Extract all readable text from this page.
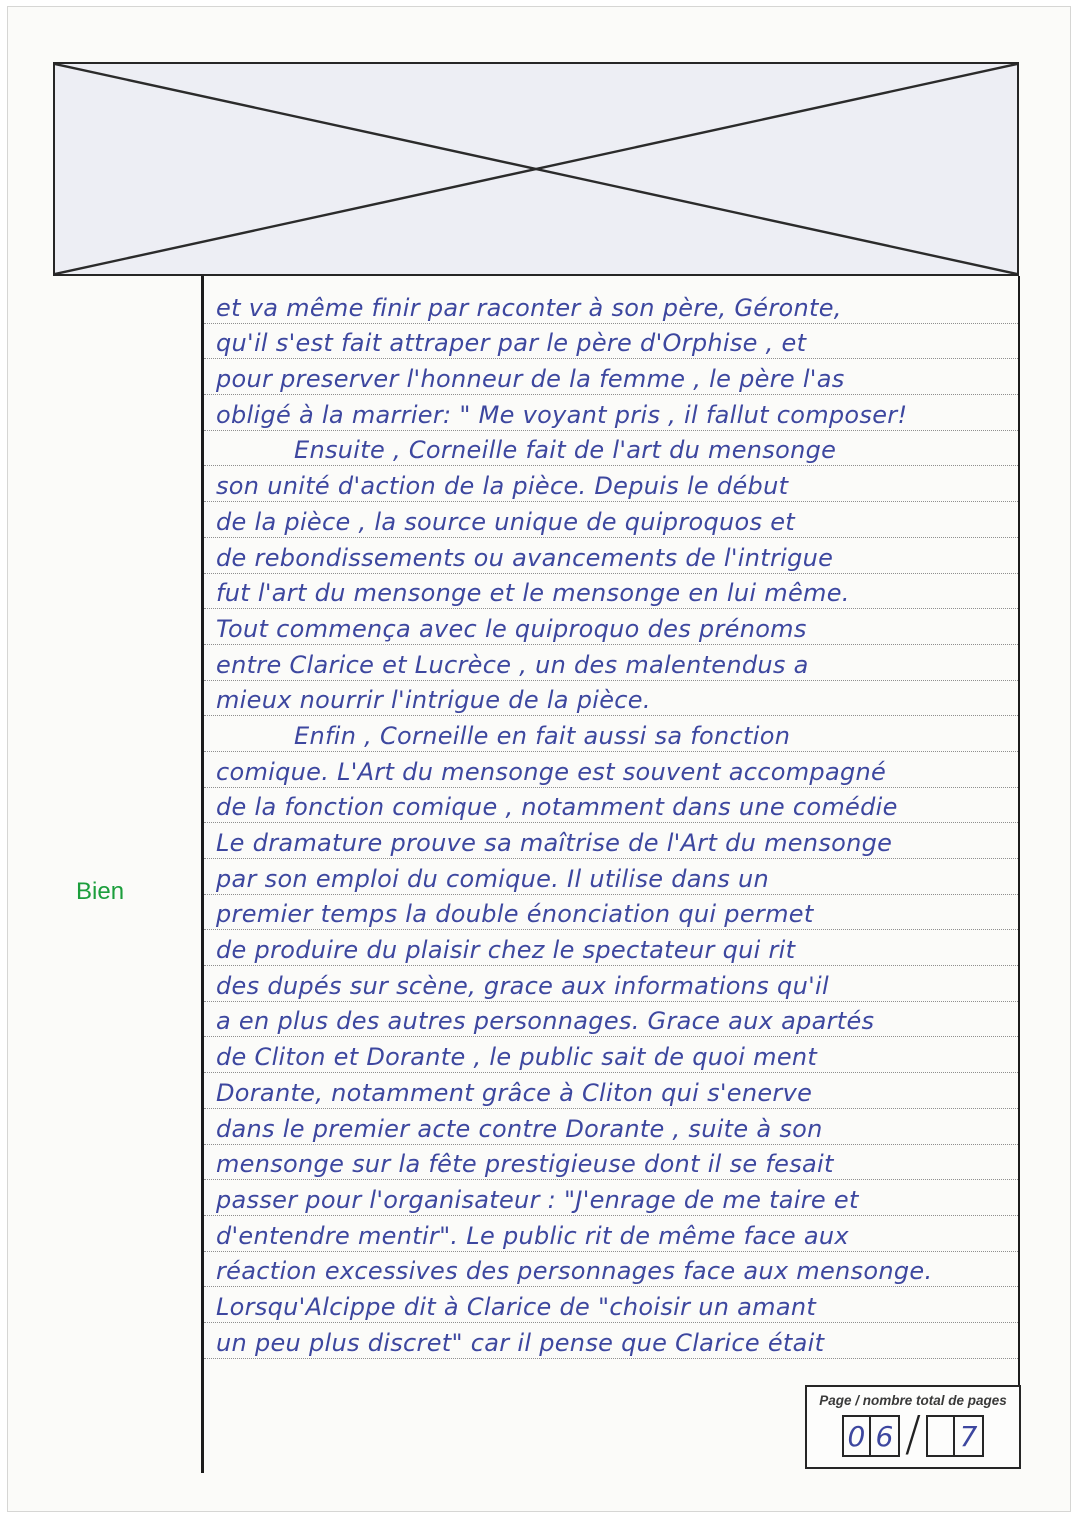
Bien
et va même finir par raconter à son père, Géronte,
qu'il s'est fait attraper par le père d'Orphise , et
pour preserver l'honneur de la femme , le père l'as
obligé à la marrier: " Me voyant pris , il fallut composer!
Ensuite , Corneille fait de l'art du mensonge
son unité d'action de la pièce. Depuis le début
de la pièce , la source unique de quiproquos et
de rebondissements ou avancements de l'intrigue
fut l'art du mensonge et le mensonge en lui même.
Tout commença avec le quiproquo des prénoms
entre Clarice et Lucrèce , un des malentendus a
mieux nourrir l'intrigue de la pièce.
Enfin , Corneille en fait aussi sa fonction
comique. L'Art du mensonge est souvent accompagné
de la fonction comique , notamment dans une comédie
Le dramature prouve sa maîtrise de l'Art du mensonge
par son emploi du comique. Il utilise dans un
premier temps la double énonciation qui permet
de produire du plaisir chez le spectateur qui rit
des dupés sur scène, grace aux informations qu'il
a en plus des autres personnages. Grace aux apartés
de Cliton et Dorante , le public sait de quoi ment
Dorante, notamment grâce à Cliton qui s'enerve
dans le premier acte contre Dorante , suite à son
mensonge sur la fête prestigieuse dont il se fesait
passer pour l'organisateur : "J'enrage de me taire et
d'entendre mentir". Le public rit de même face aux
réaction excessives des personnages face aux mensonge.
Lorsqu'Alcippe dit à Clarice de "choisir un amant
un peu plus discret" car il pense que Clarice était
Page / nombre total de pages
0 6 / 7
